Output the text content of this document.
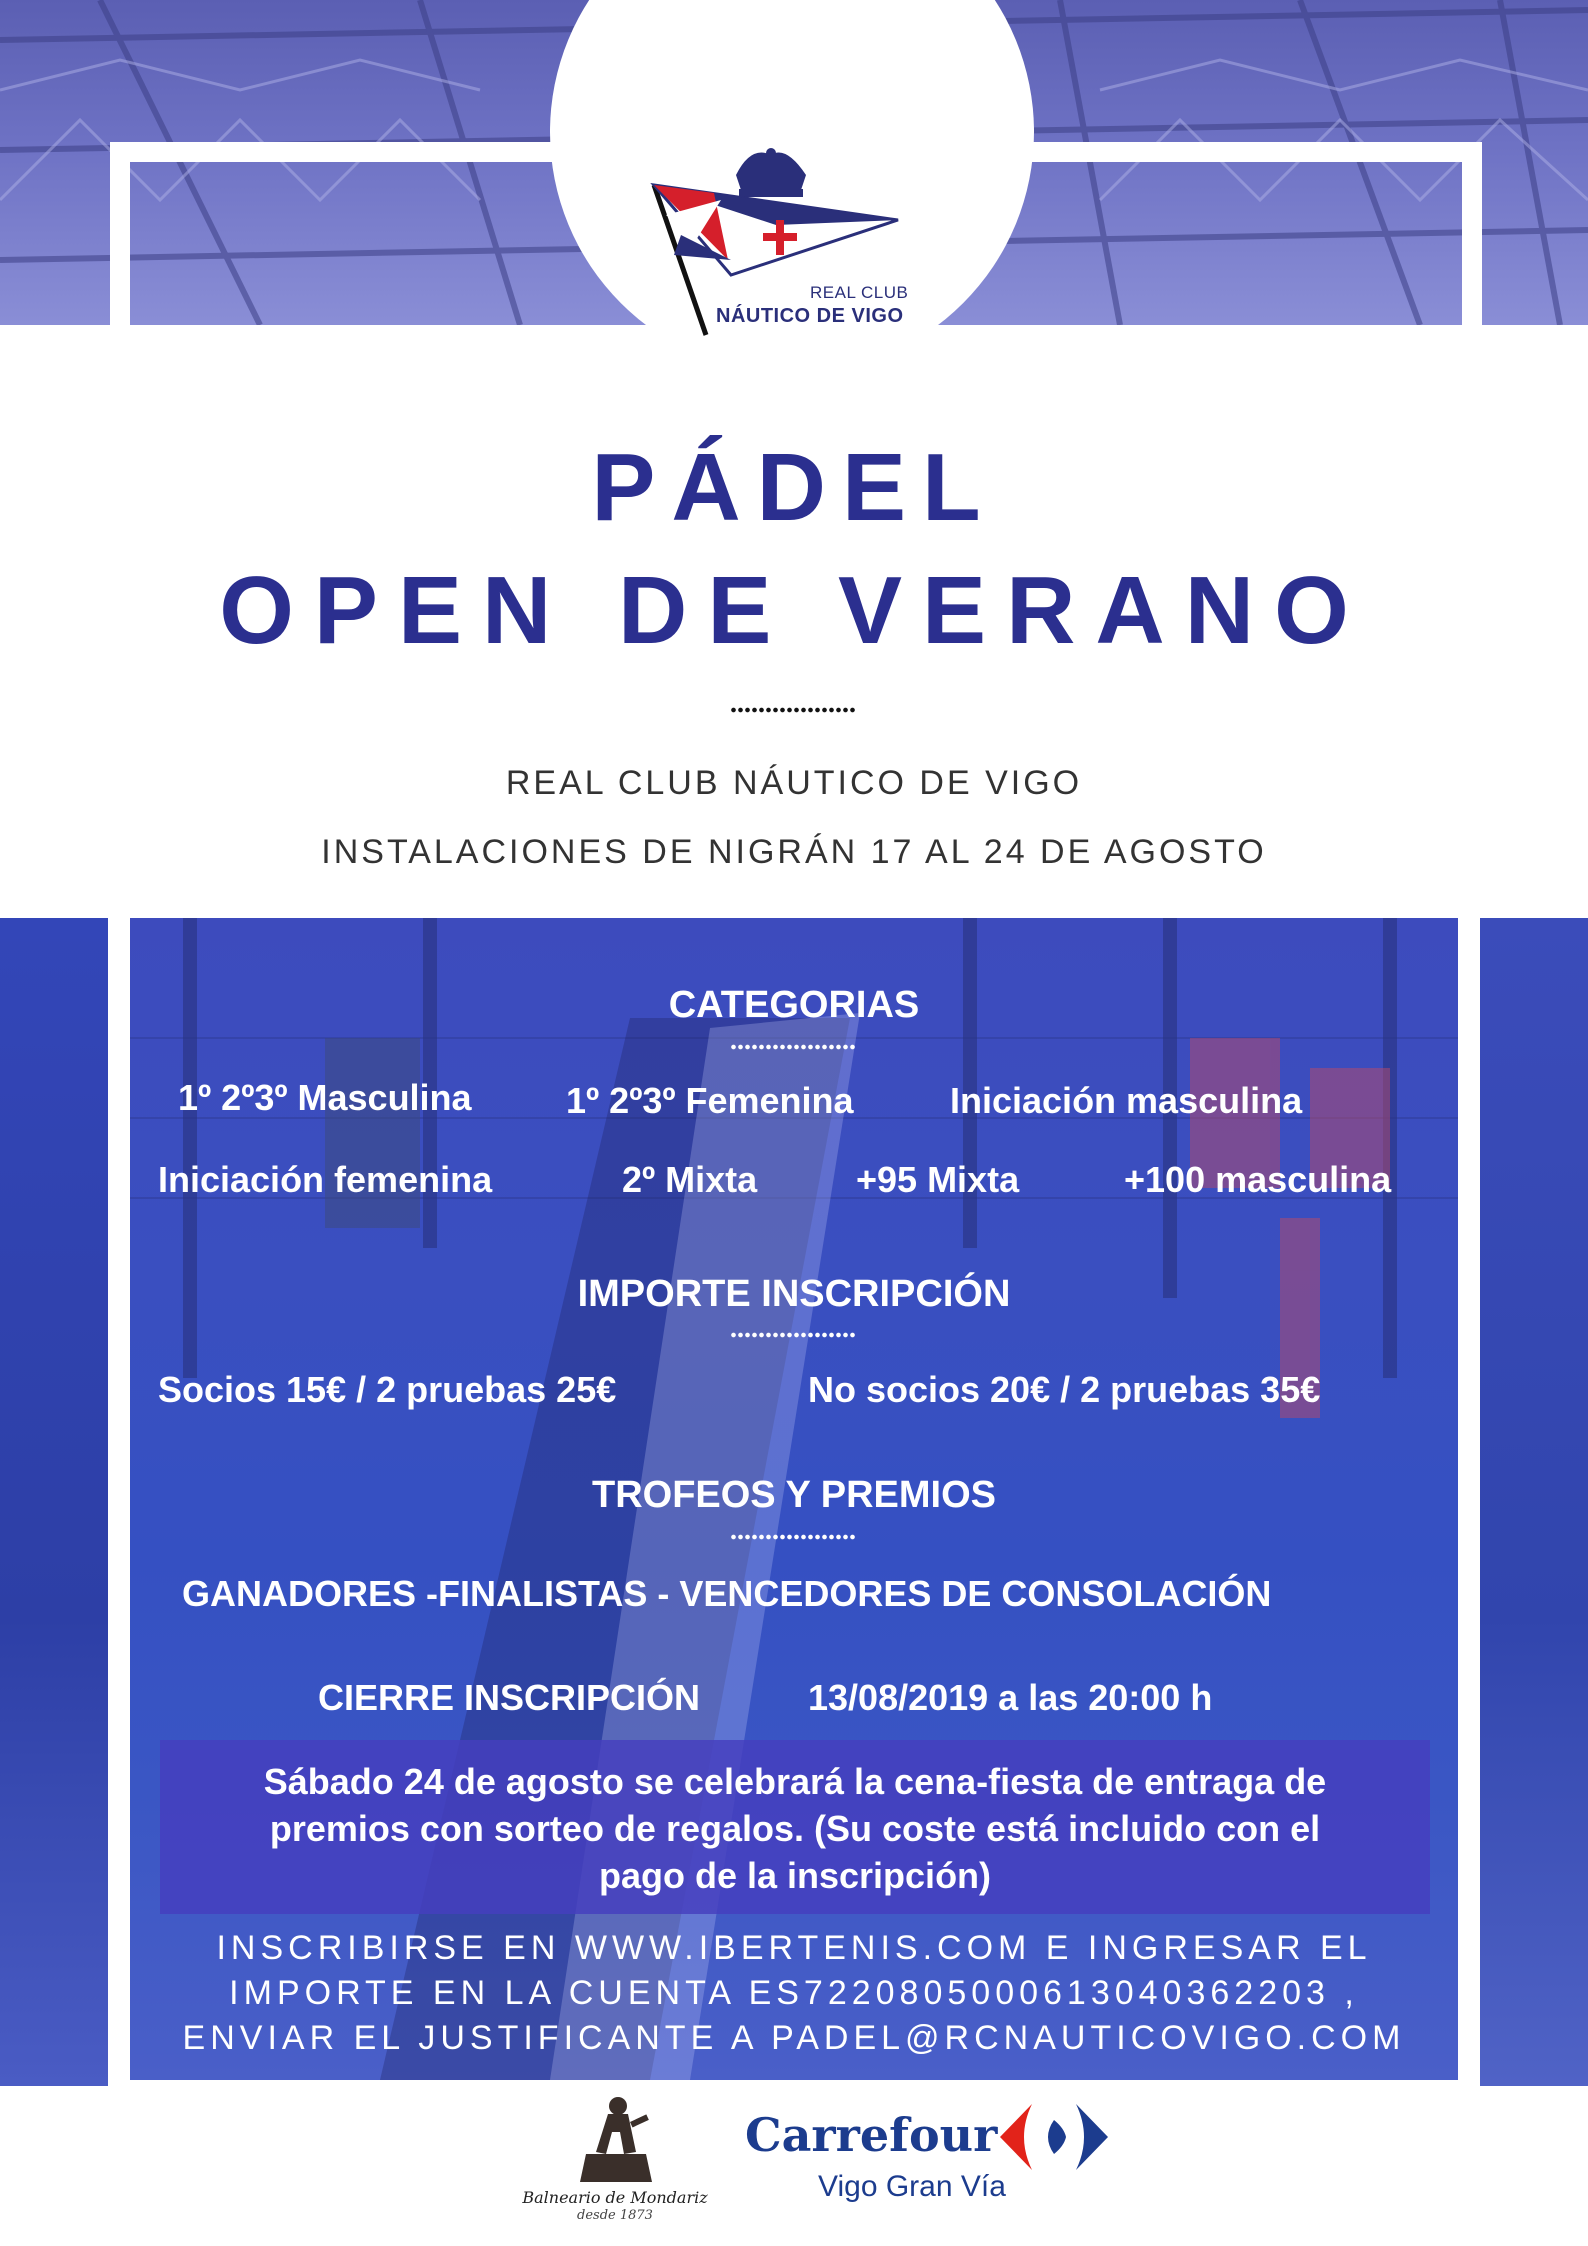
REAL CLUB
NÁUTICO DE VIGO
PÁDEL
OPEN DE VERANO
REAL CLUB NÁUTICO DE VIGO
INSTALACIONES DE NIGRÁN 17 AL 24 DE AGOSTO
CATEGORIAS
1º 2º3º Masculina	1º 2º3º Femenina	Iniciación masculina
Iniciación femenina	2º Mixta	+95 Mixta	+100 masculina
IMPORTE INSCRIPCIÓN
Socios 15€ / 2 pruebas 25€	No socios 20€ / 2 pruebas 35€
TROFEOS Y PREMIOS
GANADORES -FINALISTAS - VENCEDORES DE CONSOLACIÓN
CIERRE INSCRIPCIÓN	13/08/2019 a las 20:00 h
Sábado 24 de agosto se celebrará la cena-fiesta de entraga de
premios con sorteo de regalos. (Su coste está incluido con el
pago de la inscripción)
INSCRIBIRSE EN WWW.IBERTENIS.COM E INGRESAR EL
IMPORTE EN LA CUENTA ES7220805000613040362203 ,
ENVIAR EL JUSTIFICANTE A PADEL@RCNAUTICOVIGO.COM
Balneario de Mondariz
desde 1873
Carrefour
Vigo Gran Vía
